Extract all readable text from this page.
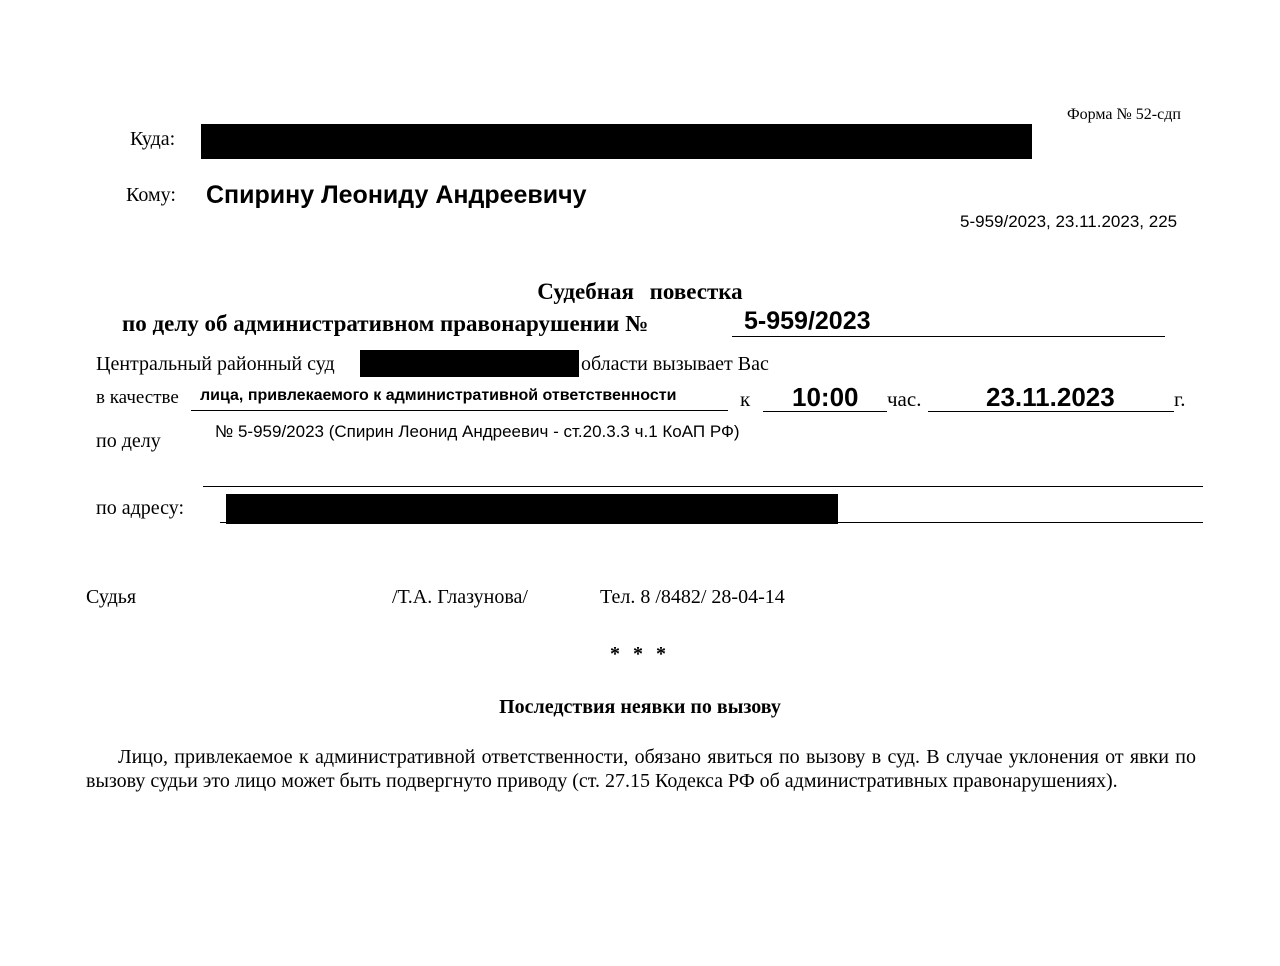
Форма № 52-сдп
Куда:
Кому: Спирину Леониду Андреевичу
5-959/2023, 23.11.2023, 225
Судебная повестка
по делу об административном правонарушении №	5-959/2023
Центральный районный суд	области вызывает Вас
в качестве лица, привлекаемого к административной ответственности	к 10:00 час. 23.11.2023	г.
по делу	№ 5-959/2023 (Спирин Леонид Андреевич - ст.20.3.3 ч.1 КоАП РФ)
по адресу:
Судья	/Т.А. Глазунова/	Тел. 8 /8482/ 28-04-14
* * *
Последствия неявки по вызову
Лицо, привлекаемое к административной ответственности, обязано явиться по вызову в суд. В случае уклонения от явки по вызову судьи это лицо может быть подвергнуто приводу (ст. 27.15 Кодекса РФ об административных правонарушениях).
